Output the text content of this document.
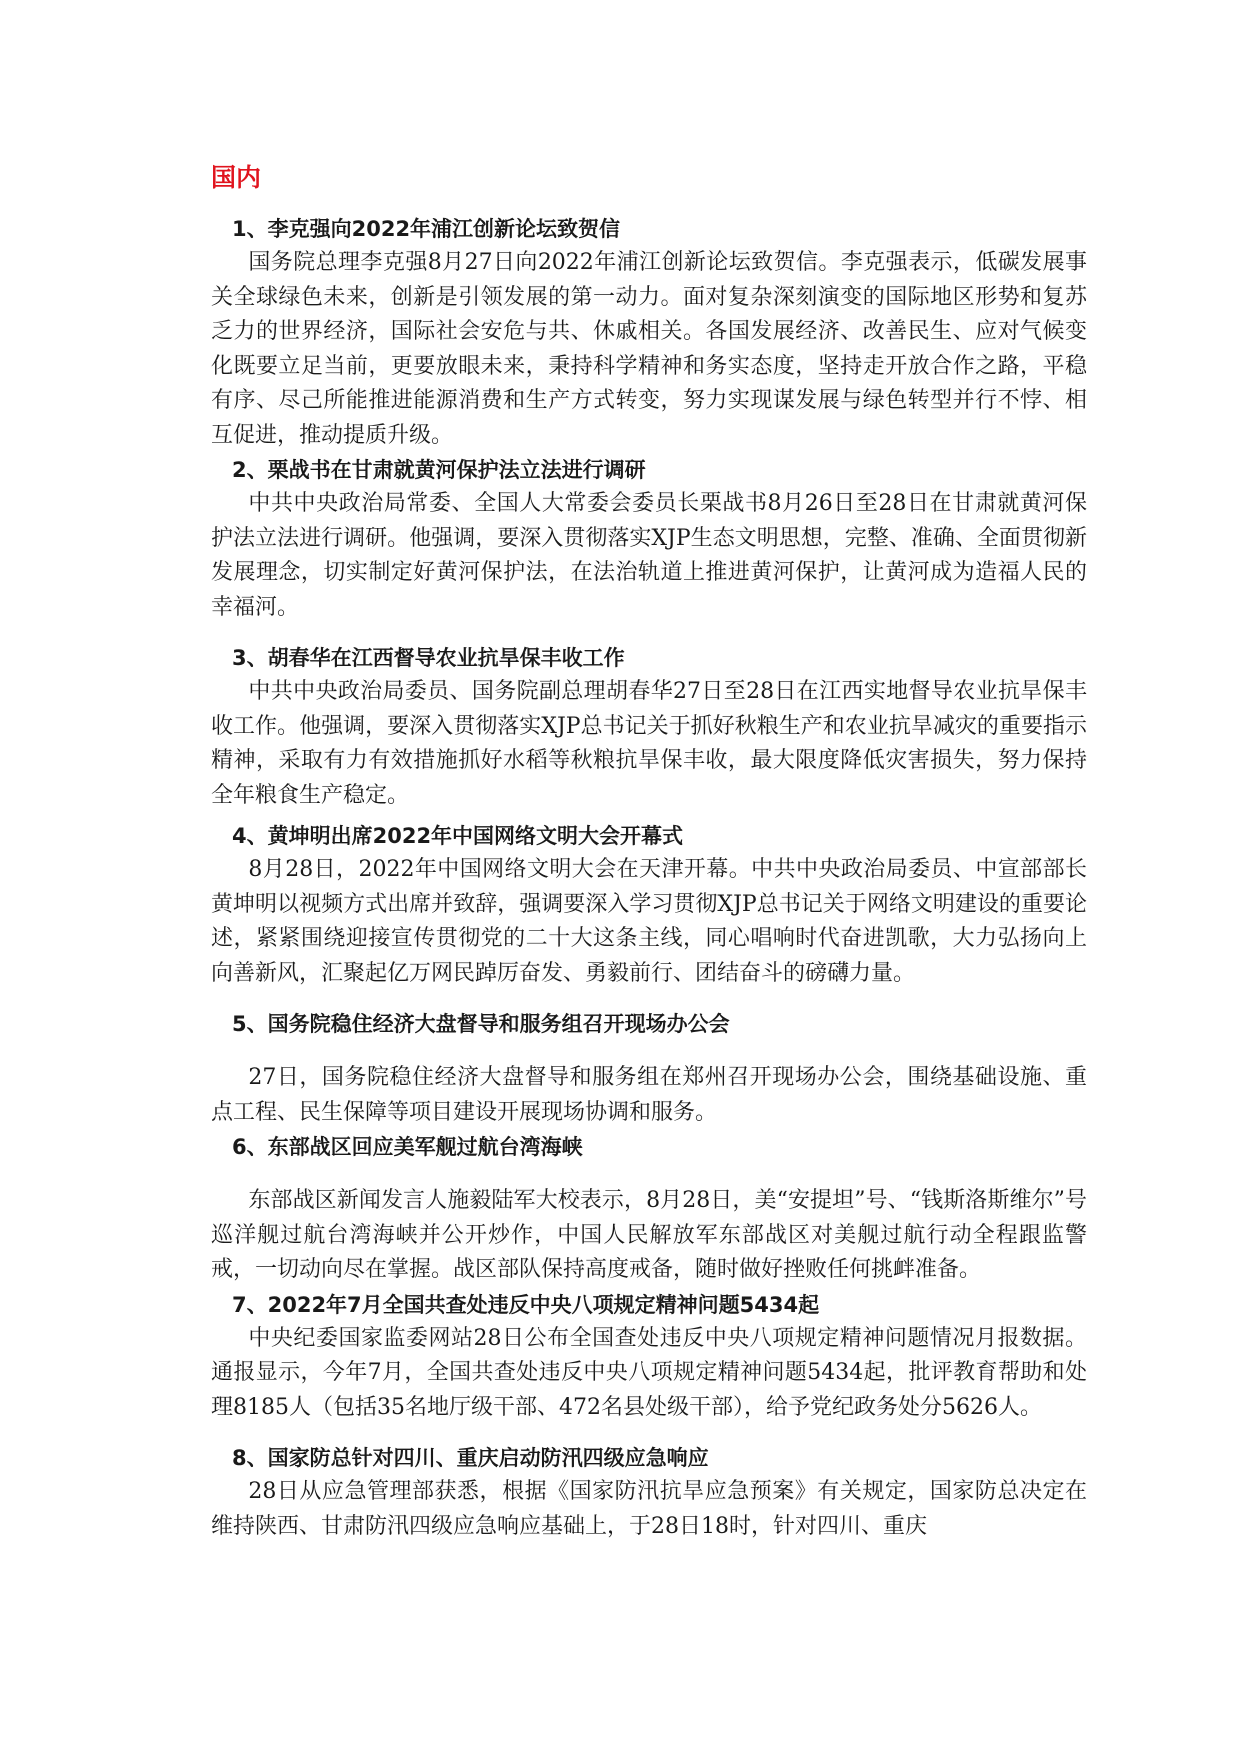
国内
1、李克强向2022年浦江创新论坛致贺信

国务院总理李克强8月27日向2022年浦江创新论坛致贺信。李克强表示，低碳发展事关全球绿色未来，创新是引领发展的第一动力。面对复杂深刻演变的国际地区形势和复苏乏力的世界经济，国际社会安危与共、休戚相关。各国发展经济、改善民生、应对气候变化既要立足当前，更要放眼未来，秉持科学精神和务实态度，坚持走开放合作之路，平稳有序、尽己所能推进能源消费和生产方式转变，努力实现谋发展与绿色转型并行不悖、相互促进，推动提质升级。

2、栗战书在甘肃就黄河保护法立法进行调研

中共中央政治局常委、全国人大常委会委员长栗战书8月26日至28日在甘肃就黄河保护法立法进行调研。他强调，要深入贯彻落实XJP生态文明思想，完整、准确、全面贯彻新发展理念，切实制定好黄河保护法，在法治轨道上推进黄河保护，让黄河成为造福人民的幸福河。

3、胡春华在江西督导农业抗旱保丰收工作

中共中央政治局委员、国务院副总理胡春华27日至28日在江西实地督导农业抗旱保丰收工作。他强调，要深入贯彻落实XJP总书记关于抓好秋粮生产和农业抗旱减灾的重要指示精神，采取有力有效措施抓好水稻等秋粮抗旱保丰收，最大限度降低灾害损失，努力保持全年粮食生产稳定。

4、黄坤明出席2022年中国网络文明大会开幕式

8月28日，2022年中国网络文明大会在天津开幕。中共中央政治局委员、中宣部部长黄坤明以视频方式出席并致辞，强调要深入学习贯彻XJP总书记关于网络文明建设的重要论述，紧紧围绕迎接宣传贯彻党的二十大这条主线，同心唱响时代奋进凯歌，大力弘扬向上向善新风，汇聚起亿万网民踔厉奋发、勇毅前行、团结奋斗的磅礴力量。

5、国务院稳住经济大盘督导和服务组召开现场办公会

27日，国务院稳住经济大盘督导和服务组在郑州召开现场办公会，围绕基础设施、重点工程、民生保障等项目建设开展现场协调和服务。

6、东部战区回应美军舰过航台湾海峡

东部战区新闻发言人施毅陆军大校表示，8月28日，美“安提坦”号、“钱斯洛斯维尔”号巡洋舰过航台湾海峡并公开炒作，中国人民解放军东部战区对美舰过航行动全程跟监警戒，一切动向尽在掌握。战区部队保持高度戒备，随时做好挫败任何挑衅准备。

7、2022年7月全国共查处违反中央八项规定精神问题5434起

中央纪委国家监委网站28日公布全国查处违反中央八项规定精神问题情况月报数据。通报显示，今年7月，全国共查处违反中央八项规定精神问题5434起，批评教育帮助和处理8185人（包括35名地厅级干部、472名县处级干部），给予党纪政务处分5626人。

8、国家防总针对四川、重庆启动防汛四级应急响应

28日从应急管理部获悉，根据《国家防汛抗旱应急预案》有关规定，国家防总决定在维持陕西、甘肃防汛四级应急响应基础上，于28日18时，针对四川、重庆
